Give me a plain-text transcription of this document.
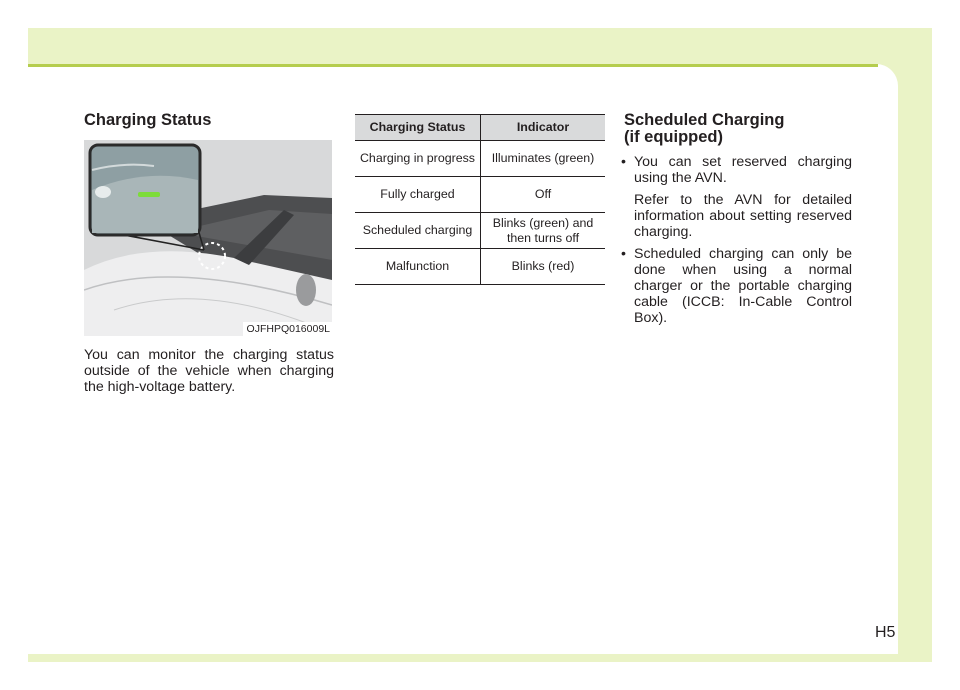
Charging Status
OJFHPQ016009L
You can monitor the charging status outside of the vehicle when charging the high-voltage battery.
Charging Status	Indicator
Charging in progress	Illuminates (green)
Fully charged	Off
Scheduled charging	Blinks (green) and then turns off
Malfunction	Blinks (red)
Scheduled Charging
(if equipped)
• You can set reserved charging using the AVN.
Refer to the AVN for detailed information about setting reserved charging.
• Scheduled charging can only be done when using a normal charger or the portable charging cable (ICCB: In-Cable Control Box).
H5
